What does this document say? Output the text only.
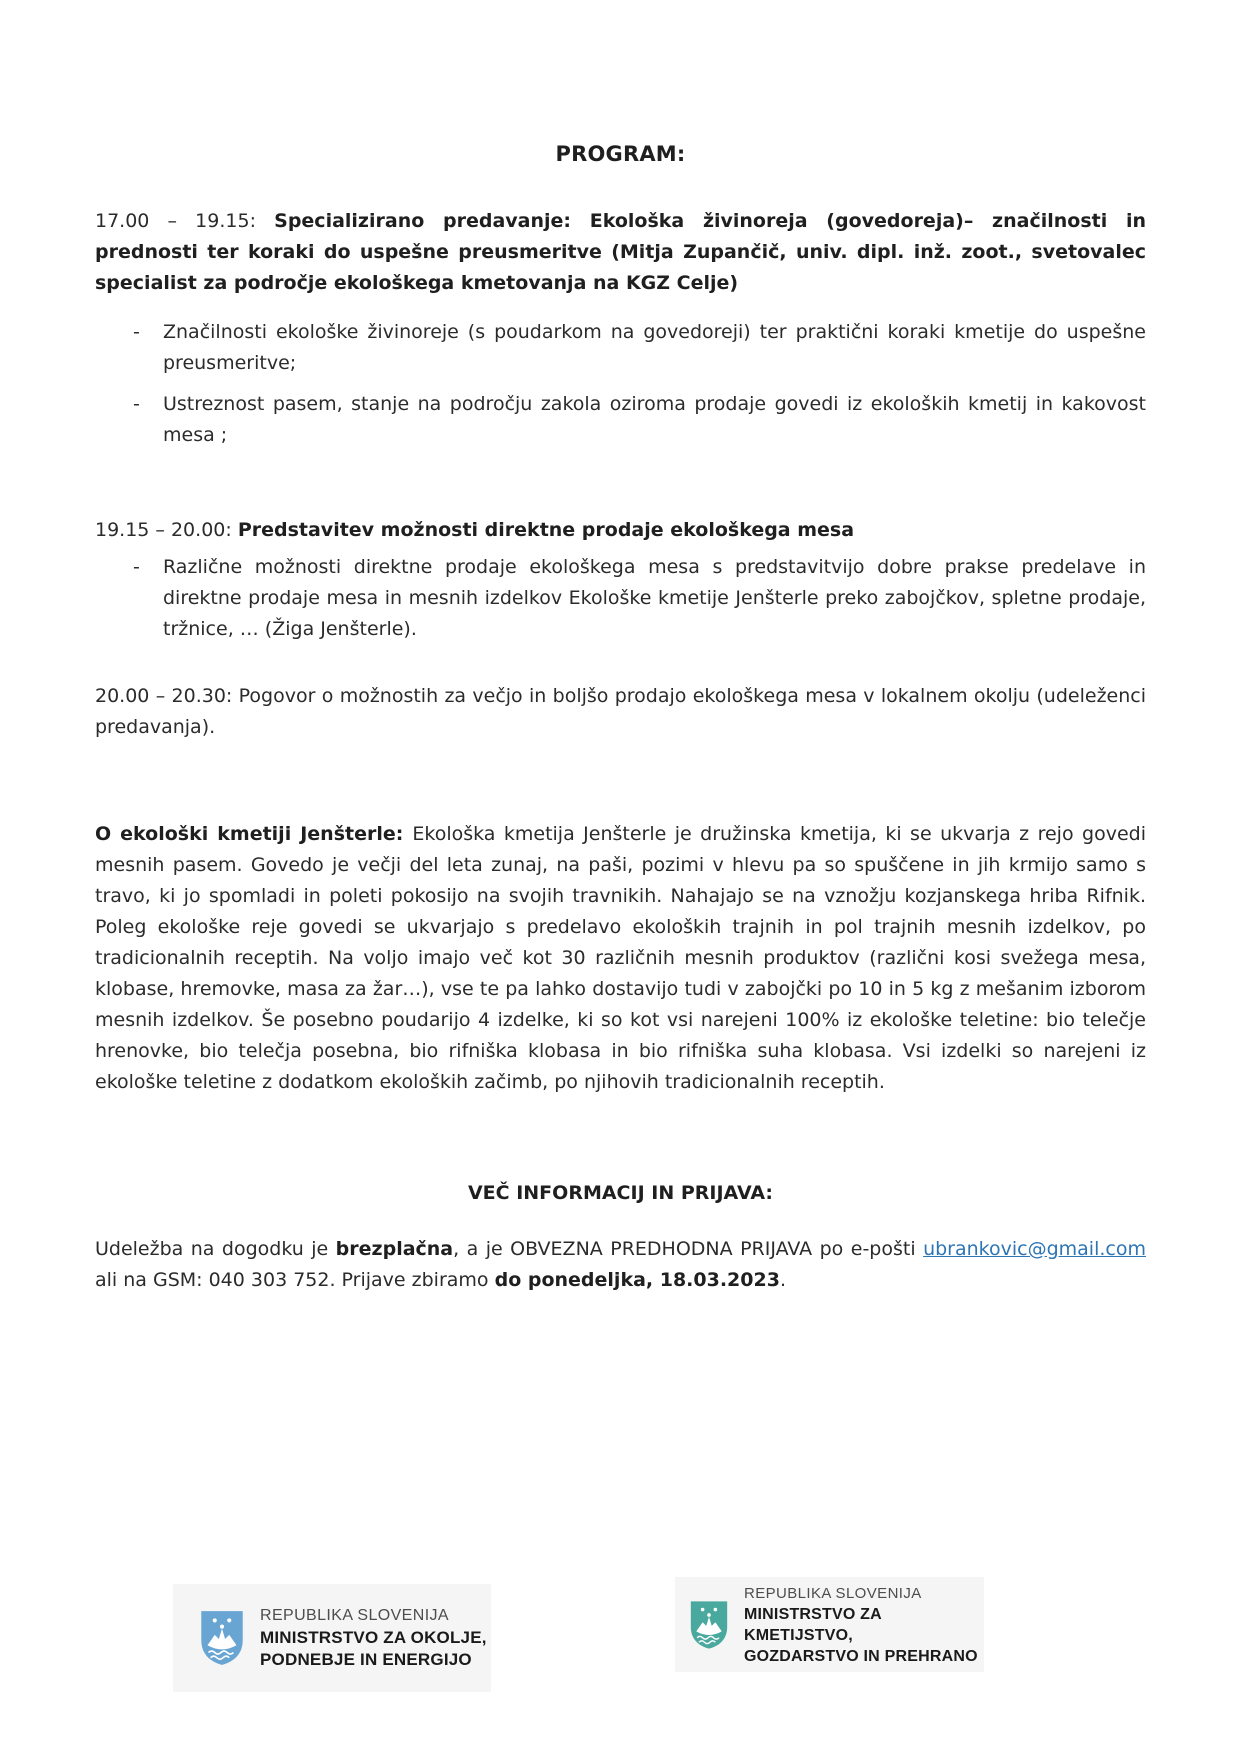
PROGRAM:

17.00 – 19.15: Specializirano predavanje: Ekološka živinoreja (govedoreja)– značilnosti in prednosti ter koraki do uspešne preusmeritve (Mitja Zupančič, univ. dipl. inž. zoot., svetovalec specialist za področje ekološkega kmetovanja na KGZ Celje)

-	Značilnosti ekološke živinoreje (s poudarkom na govedoreji) ter praktični koraki kmetije do uspešne preusmeritve;
-	Ustreznost pasem, stanje na področju zakola oziroma prodaje govedi iz ekoloških kmetij in kakovost mesa ;

19.15 – 20.00: Predstavitev možnosti direktne prodaje ekološkega mesa

-	Različne možnosti direktne prodaje ekološkega mesa s predstavitvijo dobre prakse predelave in direktne prodaje mesa in mesnih izdelkov Ekološke kmetije Jenšterle preko zabojčkov, spletne prodaje, tržnice, … (Žiga Jenšterle).

20.00 – 20.30: Pogovor o možnostih za večjo in boljšo prodajo ekološkega mesa v lokalnem okolju (udeleženci predavanja).

O ekološki kmetiji Jenšterle: Ekološka kmetija Jenšterle je družinska kmetija, ki se ukvarja z rejo govedi mesnih pasem. Govedo je večji del leta zunaj, na paši, pozimi v hlevu pa so spuščene in jih krmijo samo s travo, ki jo spomladi in poleti pokosijo na svojih travnikih. Nahajajo se na vznožju kozjanskega hriba Rifnik. Poleg ekološke reje govedi se ukvarjajo s predelavo ekoloških trajnih in pol trajnih mesnih izdelkov, po tradicionalnih receptih. Na voljo imajo več kot 30 različnih mesnih produktov (različni kosi svežega mesa, klobase, hremovke, masa za žar…), vse te pa lahko dostavijo tudi v zabojčki po 10 in 5 kg z mešanim izborom mesnih izdelkov. Še posebno poudarijo 4 izdelke, ki so kot vsi narejeni 100% iz ekološke teletine: bio telečje hrenovke, bio telečja posebna, bio rifniška klobasa in bio rifniška suha klobasa. Vsi izdelki so narejeni iz ekološke teletine z dodatkom ekoloških začimb, po njihovih tradicionalnih receptih.

VEČ INFORMACIJ IN PRIJAVA:

Udeležba na dogodku je brezplačna, a je OBVEZNA PREDHODNA PRIJAVA po e-pošti ubrankovic@gmail.com ali na GSM: 040 303 752. Prijave zbiramo do ponedeljka, 18.03.2023.

REPUBLIKA SLOVENIJA
MINISTRSTVO ZA OKOLJE,
PODNEBJE IN ENERGIJO
REPUBLIKA SLOVENIJA
MINISTRSTVO ZA KMETIJSTVO,
GOZDARSTVO IN PREHRANO
